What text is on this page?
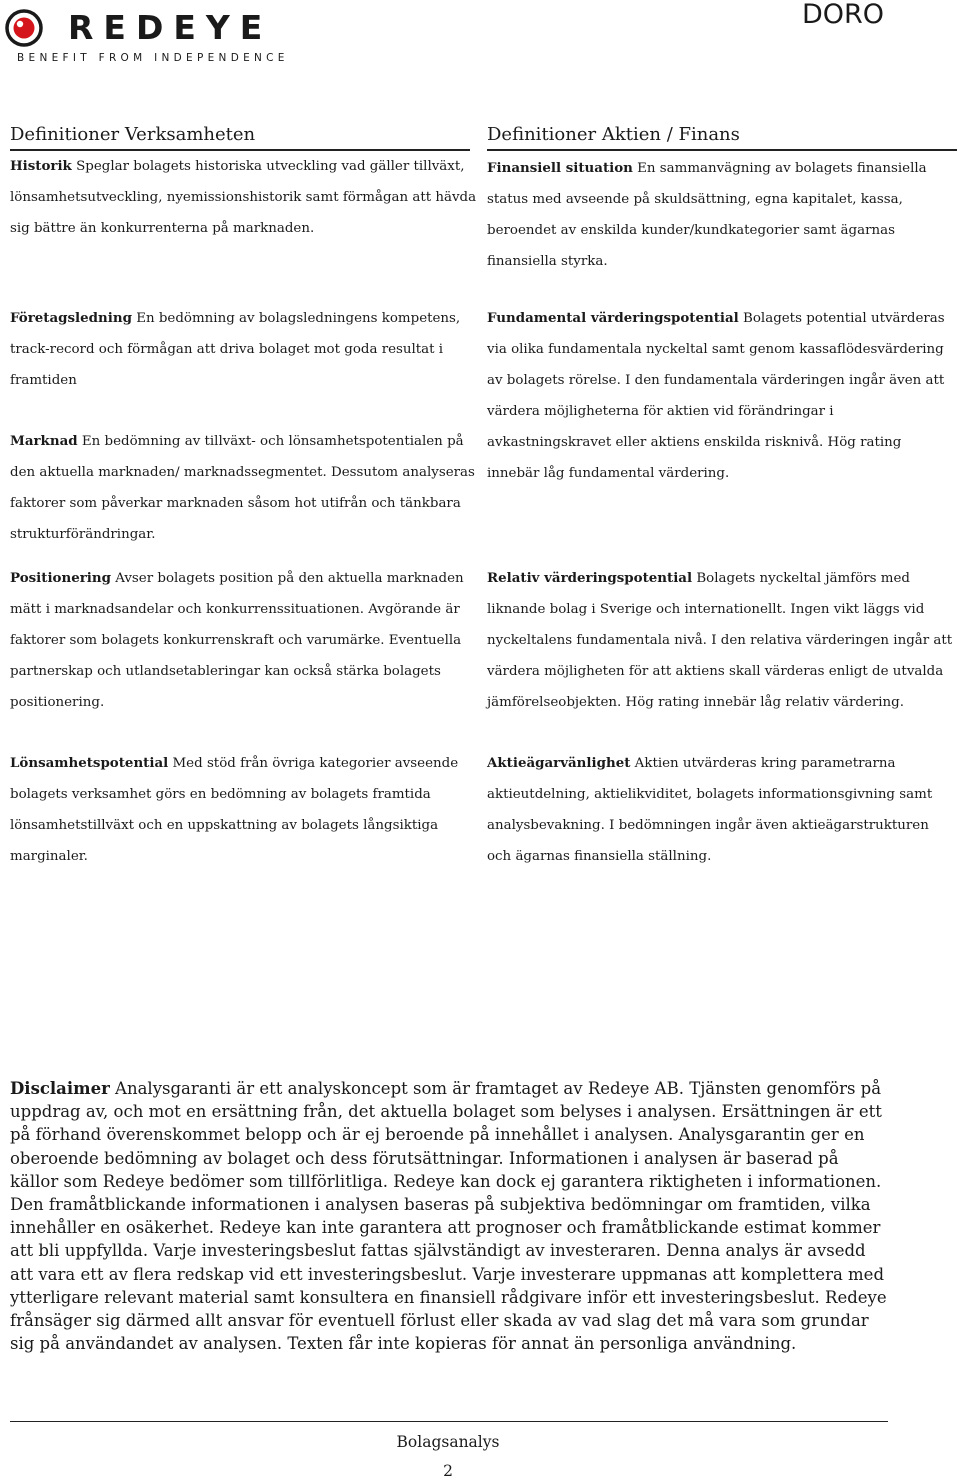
REDEYE
BENEFIT FROM INDEPENDENCE
DORO
Definitioner Verksamheten	Definitioner Aktien / Finans
Historik Speglar bolagets historiska utveckling vad gäller tillväxt, lönsamhetsutveckling, nyemissionshistorik samt förmågan att hävda sig bättre än konkurrenterna på marknaden.
Företagsledning En bedömning av bolagsledningens kompetens, track-record och förmågan att driva bolaget mot goda resultat i framtiden
Marknad En bedömning av tillväxt- och lönsamhetspotentialen på den aktuella marknaden/ marknadssegmentet. Dessutom analyseras faktorer som påverkar marknaden såsom hot utifrån och tänkbara strukturförändringar.
Positionering Avser bolagets position på den aktuella marknaden mätt i marknadsandelar och konkurrenssituationen. Avgörande är faktorer som bolagets konkurrenskraft och varumärke. Eventuella partnerskap och utlandsetableringar kan också stärka bolagets positionering.
Lönsamhetspotential Med stöd från övriga kategorier avseende bolagets verksamhet görs en bedömning av bolagets framtida lönsamhetstillväxt och en uppskattning av bolagets långsiktiga marginaler.
Finansiell situation En sammanvägning av bolagets finansiella status med avseende på skuldsättning, egna kapitalet, kassa, beroendet av enskilda kunder/kundkategorier samt ägarnas finansiella styrka.
Fundamental värderingspotential Bolagets potential utvärderas via olika fundamentala nyckeltal samt genom kassaflödesvärdering av bolagets rörelse. I den fundamentala värderingen ingår även att värdera möjligheterna för aktien vid förändringar i avkastningskravet eller aktiens enskilda risknivå. Hög rating innebär låg fundamental värdering.
Relativ värderingspotential Bolagets nyckeltal jämförs med liknande bolag i Sverige och internationellt. Ingen vikt läggs vid nyckeltalens fundamentala nivå. I den relativa värderingen ingår att värdera möjligheten för att aktiens skall värderas enligt de utvalda jämförelseobjekten. Hög rating innebär låg relativ värdering.
Aktieägarvänlighet Aktien utvärderas kring parametrarna aktieutdelning, aktielikviditet, bolagets informationsgivning samt analysbevakning. I bedömningen ingår även aktieägarstrukturen och ägarnas finansiella ställning.
Disclaimer Analysgaranti är ett analyskoncept som är framtaget av Redeye AB. Tjänsten genomförs på uppdrag av, och mot en ersättning från, det aktuella bolaget som belyses i analysen. Ersättningen är ett på förhand överenskommet belopp och är ej beroende på innehållet i analysen. Analysgarantin ger en oberoende bedömning av bolaget och dess förutsättningar. Informationen i analysen är baserad på källor som Redeye bedömer som tillförlitliga. Redeye kan dock ej garantera riktigheten i informationen. Den framåtblickande informationen i analysen baseras på subjektiva bedömningar om framtiden, vilka innehåller en osäkerhet. Redeye kan inte garantera att prognoser och framåtblickande estimat kommer att bli uppfyllda. Varje investeringsbeslut fattas självständigt av investeraren. Denna analys är avsedd att vara ett av flera redskap vid ett investeringsbeslut. Varje investerare uppmanas att komplettera med ytterligare relevant material samt konsultera en finansiell rådgivare inför ett investeringsbeslut. Redeye frånsäger sig därmed allt ansvar för eventuell förlust eller skada av vad slag det må vara som grundar sig på användandet av analysen. Texten får inte kopieras för annat än personliga användning.
Bolagsanalys
2
